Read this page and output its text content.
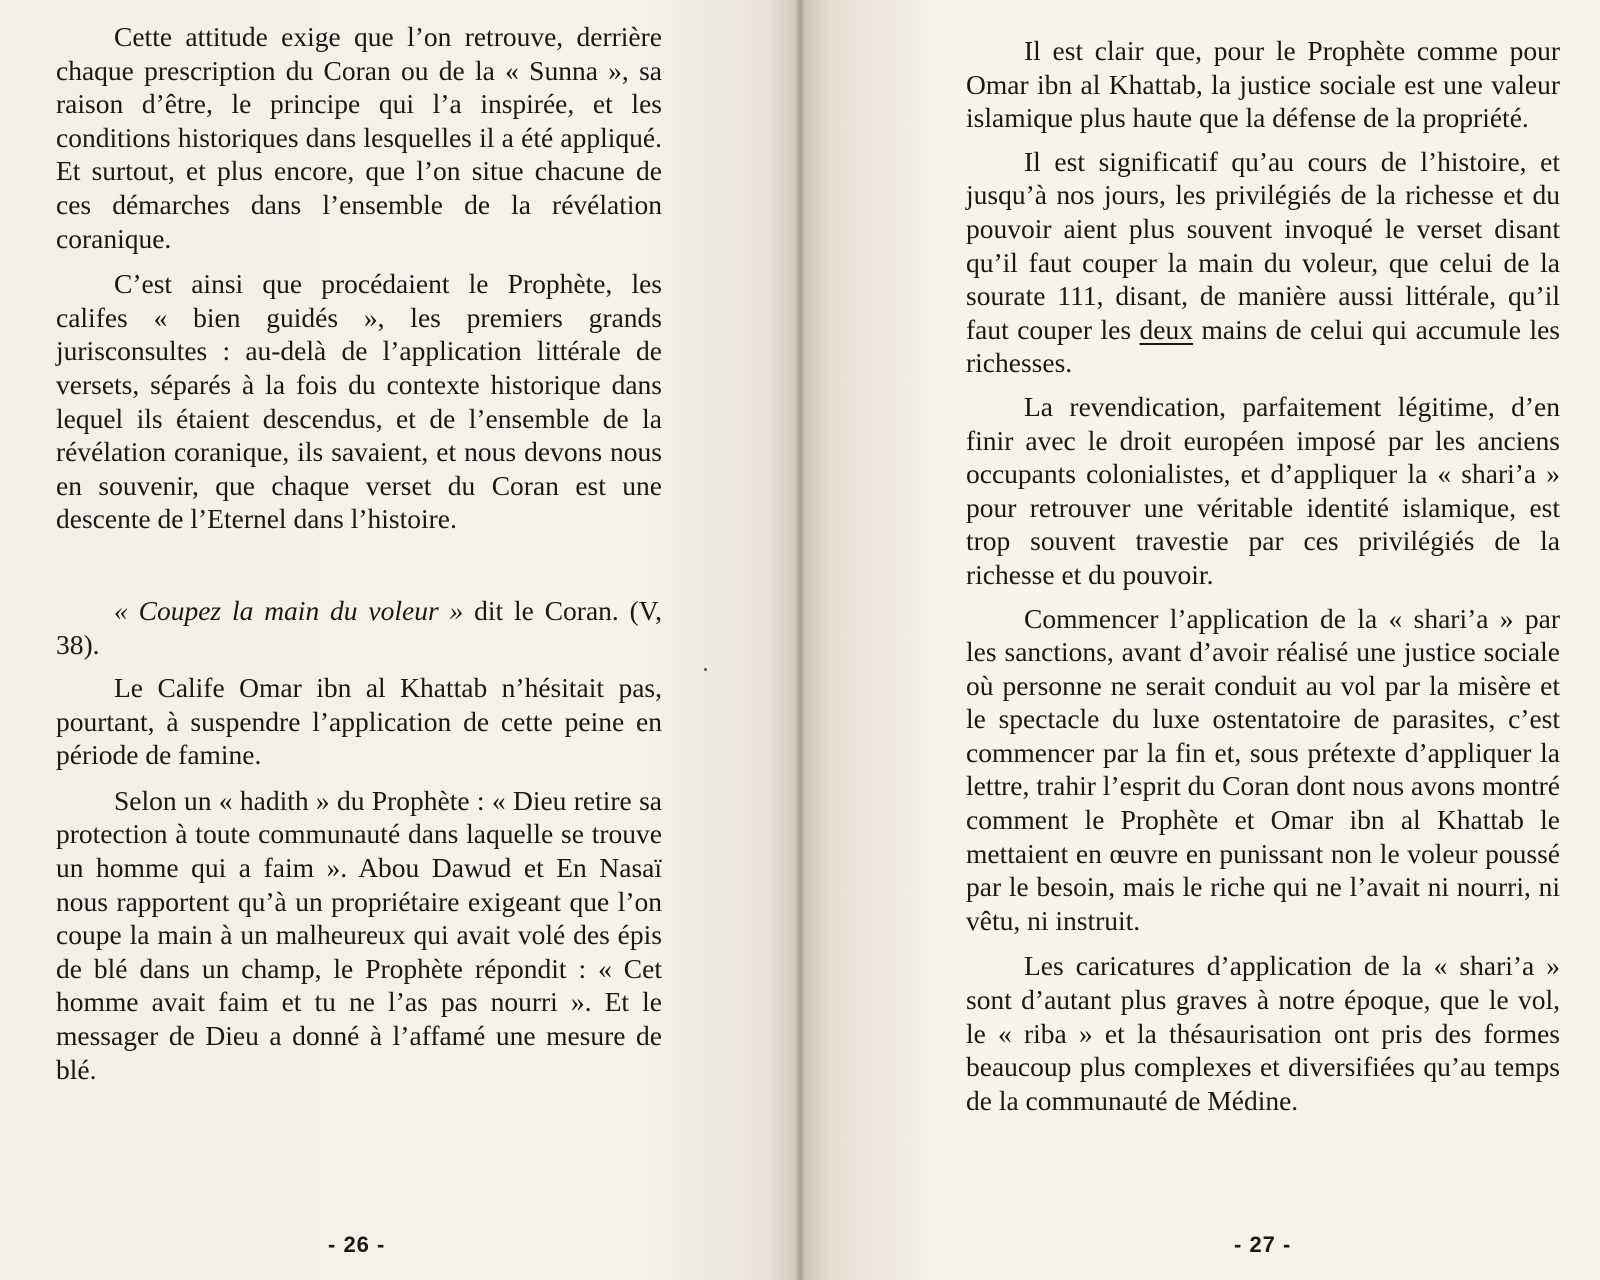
Cette attitude exige que l’on retrouve, derrière chaque prescription du Coran ou de la « Sunna », sa raison d’être, le principe qui l’a inspirée, et les conditions historiques dans lesquelles il a été appliqué. Et surtout, et plus encore, que l’on situe chacune de ces démarches dans l’ensemble de la révélation coranique.

C’est ainsi que procédaient le Prophète, les califes « bien guidés », les premiers grands jurisconsultes : au-delà de l’application littérale de versets, séparés à la fois du contexte historique dans lequel ils étaient descendus, et de l’ensemble de la révélation coranique, ils savaient, et nous devons nous en souvenir, que chaque verset du Coran est une descente de l’Eternel dans l’histoire.

« Coupez la main du voleur » dit le Coran. (V, 38).

Le Calife Omar ibn al Khattab n’hésitait pas, pourtant, à suspendre l’application de cette peine en période de famine.

Selon un « hadith » du Prophète : « Dieu retire sa protection à toute communauté dans laquelle se trouve un homme qui a faim ». Abou Dawud et En Nasaï nous rapportent qu’à un propriétaire exigeant que l’on coupe la main à un malheureux qui avait volé des épis de blé dans un champ, le Prophète répondit : « Cet homme avait faim et tu ne l’as pas nourri ». Et le messager de Dieu a donné à l’affamé une mesure de blé.

- 26 -

Il est clair que, pour le Prophète comme pour Omar ibn al Khattab, la justice sociale est une valeur islamique plus haute que la défense de la propriété.

Il est significatif qu’au cours de l’histoire, et jusqu’à nos jours, les privilégiés de la richesse et du pouvoir aient plus souvent invoqué le verset disant qu’il faut couper la main du voleur, que celui de la sourate 111, disant, de manière aussi littérale, qu’il faut couper les deux mains de celui qui accumule les richesses.

La revendication, parfaitement légitime, d’en finir avec le droit européen imposé par les anciens occupants colonialistes, et d’appliquer la « shari’a » pour retrouver une véritable identité islamique, est trop souvent travestie par ces privilégiés de la richesse et du pouvoir.

Commencer l’application de la « shari’a » par les sanctions, avant d’avoir réalisé une justice sociale où personne ne serait conduit au vol par la misère et le spectacle du luxe ostentatoire de parasites, c’est commencer par la fin et, sous prétexte d’appliquer la lettre, trahir l’esprit du Coran dont nous avons montré comment le Prophète et Omar ibn al Khattab le mettaient en œuvre en punissant non le voleur poussé par le besoin, mais le riche qui ne l’avait ni nourri, ni vêtu, ni instruit.

Les caricatures d’application de la « shari’a » sont d’autant plus graves à notre époque, que le vol, le « riba » et la thésaurisation ont pris des formes beaucoup plus complexes et diversifiées qu’au temps de la communauté de Médine.

- 27 -
